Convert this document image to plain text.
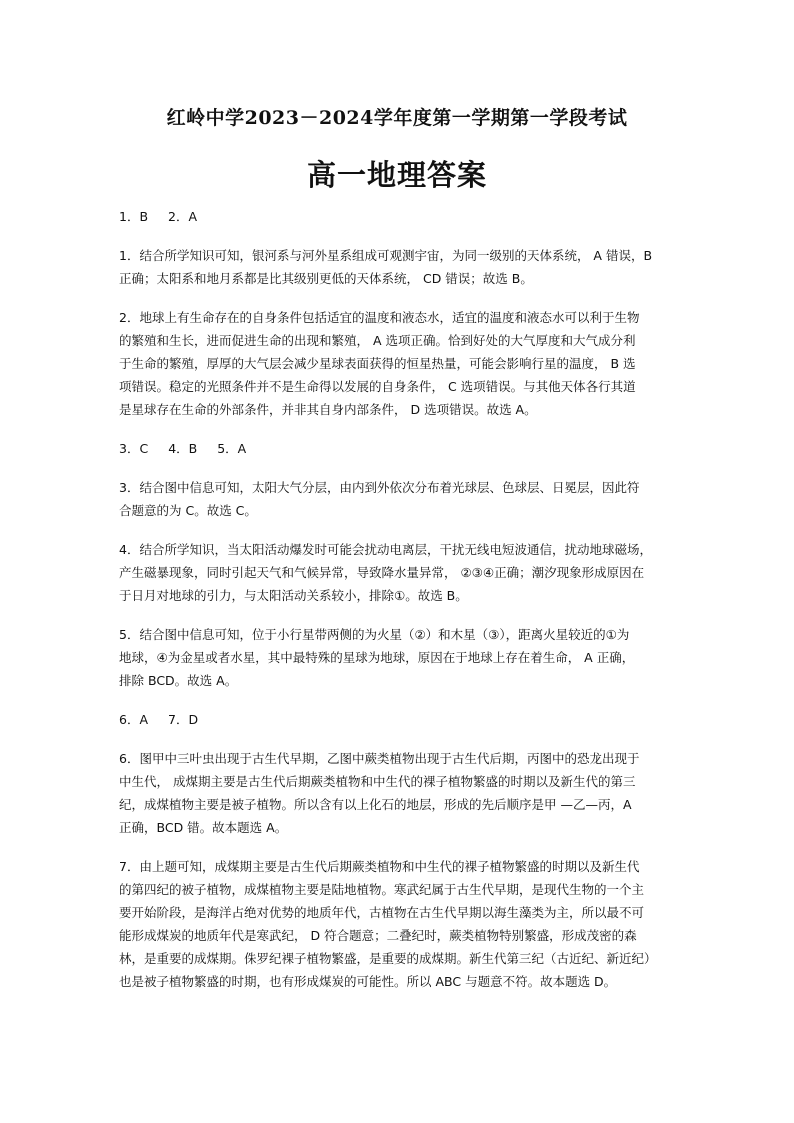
红岭中学2023－2024学年度第一学期第一学段考试
高一地理答案
1．B 2．A
1．结合所学知识可知，银河系与河外星系组成可观测宇宙，为同一级别的天体系统， A 错误，B
正确；太阳系和地月系都是比其级别更低的天体系统， CD 错误；故选 B。
2．地球上有生命存在的自身条件包括适宜的温度和液态水，适宜的温度和液态水可以利于生物
的繁殖和生长，进而促进生命的出现和繁殖， A 选项正确。恰到好处的大气厚度和大气成分利
于生命的繁殖，厚厚的大气层会减少星球表面获得的恒星热量，可能会影响行星的温度， B 选
项错误。稳定的光照条件并不是生命得以发展的自身条件， C 选项错误。与其他天体各行其道
是星球存在生命的外部条件，并非其自身内部条件， D 选项错误。故选 A。
3．C 4．B 5．A
3．结合图中信息可知，太阳大气分层，由内到外依次分布着光球层、色球层、日冕层，因此符
合题意的为 C。故选 C。
4．结合所学知识，当太阳活动爆发时可能会扰动电离层，干扰无线电短波通信，扰动地球磁场，
产生磁暴现象，同时引起天气和气候异常，导致降水量异常， ②③④正确；潮汐现象形成原因在
于日月对地球的引力，与太阳活动关系较小，排除①。故选 B。
5．结合图中信息可知，位于小行星带两侧的为火星（②）和木星（③），距离火星较近的①为
地球，④为金星或者水星，其中最特殊的星球为地球，原因在于地球上存在着生命， A 正确，
排除 BCD。故选 A。
6．A 7．D
6．图甲中三叶虫出现于古生代早期，乙图中蕨类植物出现于古生代后期，丙图中的恐龙出现于
中生代， 成煤期主要是古生代后期蕨类植物和中生代的裸子植物繁盛的时期以及新生代的第三
纪，成煤植物主要是被子植物。所以含有以上化石的地层，形成的先后顺序是甲 —乙—丙，A
正确，BCD 错。故本题选 A。
7．由上题可知，成煤期主要是古生代后期蕨类植物和中生代的裸子植物繁盛的时期以及新生代
的第四纪的被子植物，成煤植物主要是陆地植物。寒武纪属于古生代早期，是现代生物的一个主
要开始阶段，是海洋占绝对优势的地质年代，古植物在古生代早期以海生藻类为主，所以最不可
能形成煤炭的地质年代是寒武纪， D 符合题意；二叠纪时，蕨类植物特别繁盛，形成茂密的森
林，是重要的成煤期。侏罗纪裸子植物繁盛，是重要的成煤期。新生代第三纪（古近纪、新近纪）
也是被子植物繁盛的时期，也有形成煤炭的可能性。所以 ABC 与题意不符。故本题选 D。
